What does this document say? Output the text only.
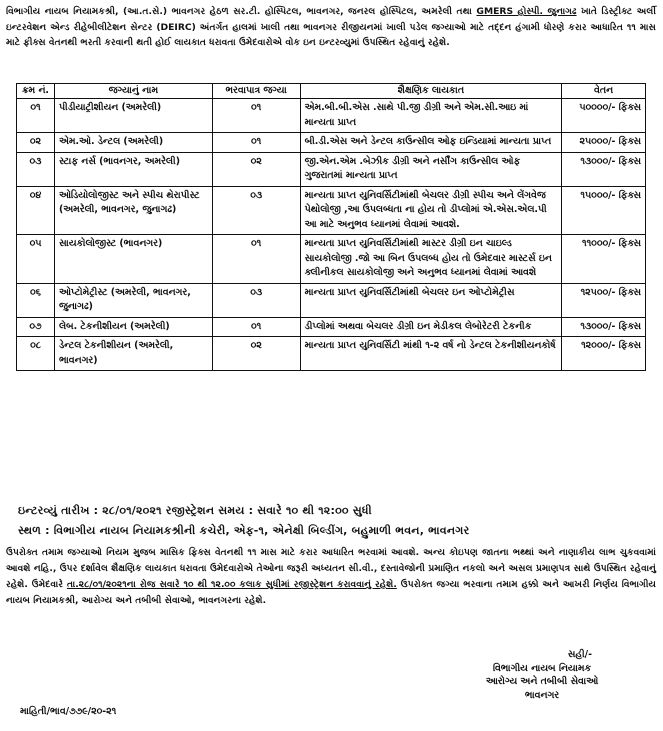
વિભાગીય નાયબ નિયામકશ્રી, (આ.ત.સે.) ભાવનગર હેઠળ સર.ટી. હોસ્પિટલ, ભાવનગર, જનરલ હોસ્પિટલ, અમરેલી તથા GMERS હોસ્પી. જુનાગઢ ખાતે ડિસ્ટ્રીક્ટ અર્લી ઇન્ટરવેશન એન્ડ રીહેબીલીટેશન સેન્ટર (DEIRC) અંતર્ગત હાલમાં ખાલી તથા ભાવનગર રીજીયનમાં ખાલી પડેલ જગ્યાઓ માટે તદ્દન હંગામી ધોરણે કરાર આધારિત ૧૧ માસ માટે ફીક્સ વેતનથી ભરતી કરવાની થતી હોઈ લાયકાત ધરાવતા ઉમેદવારોએ વોક ઇન ઇન્ટરવ્યુમાં ઉપસ્થિત રહેવાનું રહેશે.
ક્રમ નં.	જગ્યાનું નામ	ભરવાપાત્ર જગ્યા	શૈક્ષણિક લાયકાત	વેતન
૦૧	પીડીયાટ્રીશીયન (અમરેલી)	૦૧	એમ.બી.બી.એસ .સાથે પી.જી ડીગ્રી અને એમ.સી.આઇ માં માન્યતા પ્રાપ્ત	૫૦૦૦૦/- ફિક્સ
૦૨	એમ.ઓ. ડેન્ટલ (અમરેલી)	૦૧	બી.ડી.એસ અને ડેન્ટલ કાઉન્સીલ ઓફ ઇન્ડિયામાં માન્યતા પ્રાપ્ત	૨૫૦૦૦/- ફિક્સ
૦૩	સ્ટાફ નર્સ (ભાવનગર, અમરેલી)	૦૨	જી.એન.એમ .બેઝીક ડીગ્રી અને નર્સીંગ કાઉન્સીલ ઓફ ગુજરાતમાં માન્યતા પ્રાપ્ત	૧૩૦૦૦/- ફિક્સ
૦૪	ઓડિયોલોજીસ્ટ અને સ્પીચ થેરાપીસ્ટ (અમરેલી, ભાવનગર, જુનાગઢ)	૦૩	માન્યતા પ્રાપ્ત યુનિવર્સિટીમાંથી બેચલર ડીગ્રી સ્પીચ અને લેંગવેજ પેથોલોજી ,આ ઉપલબ્ધતા ના હોય તો ડીપ્લોમાં એ.એસ.એલ.પી આ માટે અનુભવ ધ્યાનમાં લેવામાં આવશે.	૧૫૦૦૦/- ફિક્સ
૦૫	સાયકોલોજીસ્ટ (ભાવનગર)	૦૧	માન્યતા પ્રાપ્ત યુનિવર્સિટીમાંથી માસ્ટર ડીગ્રી ઇન ચાઇલ્ડ સાયકોલોજી .જો આ બિન ઉપલબ્ધ હોય તો ઉમેદવાર માસ્ટર્સ ઇન ક્લીનીકલ સાયકોલોજી અને અનુભવ ધ્યાનમાં લેવામાં આવશે	૧૧૦૦૦/- ફિક્સ
૦૬	ઓપ્ટોમેટ્રીસ્ટ (અમરેલી, ભાવનગર, જુનાગઢ)	૦૩	માન્યતા પ્રાપ્ત યુનિવર્સિટીમાંથી બેચલર ઇન ઓપ્ટોમેટ્રીસ	૧૨૫૦૦/- ફિક્સ
૦૭	લેબ. ટેકનીશીયન (અમરેલી)	૦૧	ડીપ્લોમાં અથવા બેચલર ડીગ્રી ઇન મેડીકલ લેબોરેટરી ટેકનીક	૧૩૦૦૦/- ફિક્સ
૦૮	ડેન્ટલ ટેકનીશીયન (અમરેલી, ભાવનગર)	૦૨	માન્યતા પ્રાપ્ત યુનિવર્સિટી માંથી ૧-૨ વર્ષ નો ડેન્ટલ ટેકનીશીયનકોર્ષ	૧૨૦૦૦/- ફિક્સ
ઇન્ટરવ્યું તારીખ : ૨૮/૦૧/૨૦૨૧ રજીસ્ટ્રેશન સમય : સવારે ૧૦ થી ૧૨:૦૦ સુધી
સ્થળ : વિભાગીય નાયબ નિયામકશ્રીની કચેરી, એફ-૧, એનેક્ષી બિલ્ડીંગ, બહુમાળી ભવન, ભાવનગર
ઉપરોક્ત તમામ જગ્યાઓ નિયમ મુજબ માસિક ફિક્સ વેતનથી ૧૧ માસ માટે કરાર આધારિત ભરવામાં આવશે. અન્ય કોઇપણ જાતના ભથ્થાં અને નાણાકીય લાભ ચુકવવામાં આવશે નહિ., ઉપર દર્શાવેલ શૈક્ષણિક લાયકાત ધરાવતા ઉમેદવારોએ તેઓના જરૂરી અધ્યતન સી.વી., દસ્તાવેજોની પ્રમાણિત નકલો અને અસલ પ્રમાણપત્ર સાથે ઉપસ્થિત રહેવાનું રહેશે. ઉમેદવારે તા.૨૮/૦૧/૨૦૨૧ના રોજ સવારે ૧૦ થી ૧૨.૦૦ કલાક સુધીમાં રજીસ્ટ્રેશન કરાવવાનું રહેશે. ઉપરોક્ત જગ્યા ભરવાના તમામ હક્કો અને આખરી નિર્ણય વિભાગીય નાયબ નિયામકશ્રી, આરોગ્ય અને તબીબી સેવાઓ, ભાવનગરના રહેશે.
સહી/-
વિભાગીય નાયબ નિયામક
આરોગ્ય અને તબીબી સેવાઓ
ભાવનગર
માહિતી/ભાવ/૭૭૯/૨૦-૨૧
